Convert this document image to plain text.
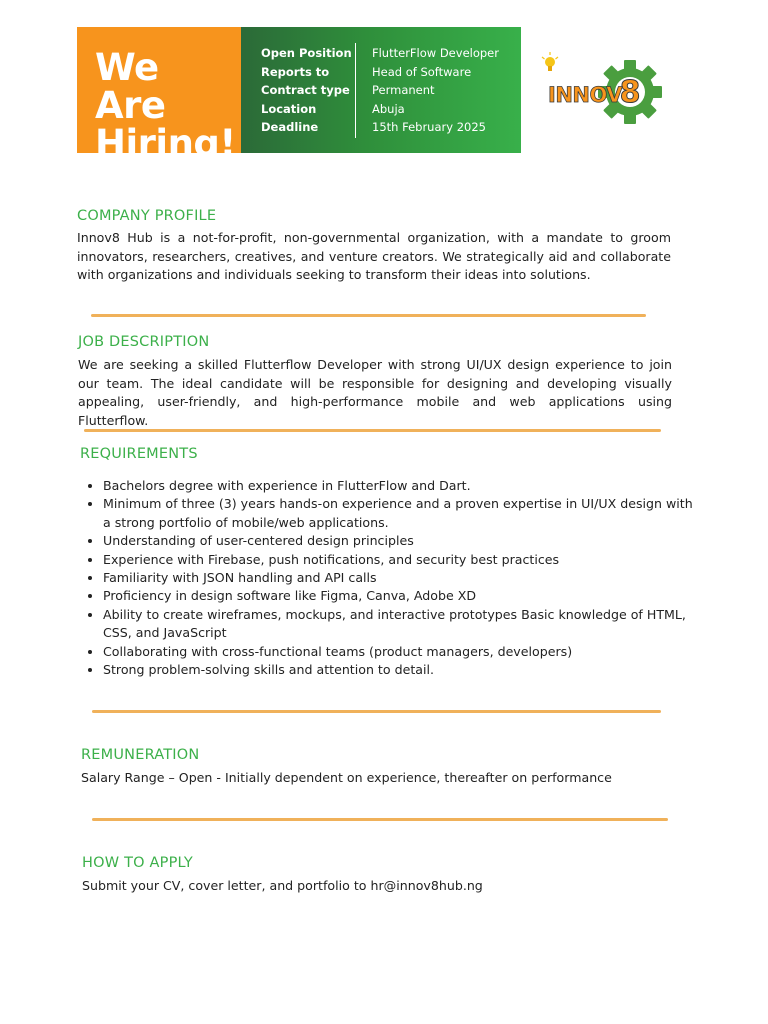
We Are
Hiring!
Open Position
Reports to
Contract type
Location
Deadline
FlutterFlow Developer
Head of Software
Permanent
Abuja
15th February 2025
8
INNOV
COMPANY PROFILE

Innov8 Hub is a not-for-profit, non-governmental organization, with a mandate to groom innovators, researchers, creatives, and venture creators. We strategically aid and collaborate with organizations and individuals seeking to transform their ideas into solutions.

JOB DESCRIPTION

We are seeking a skilled Flutterflow Developer with strong UI/UX design experience to join our team. The ideal candidate will be responsible for designing and developing visually appealing, user-friendly, and high-performance mobile and web applications using Flutterflow.

REQUIREMENTS
• Bachelors degree with experience in FlutterFlow and Dart.
• Minimum of three (3) years hands-on experience and a proven expertise in UI/UX design with a strong portfolio of mobile/web applications.
• Understanding of user-centered design principles
• Experience with Firebase, push notifications, and security best practices
• Familiarity with JSON handling and API calls
• Proficiency in design software like Figma, Canva, Adobe XD
• Ability to create wireframes, mockups, and interactive prototypes Basic knowledge of HTML, CSS, and JavaScript
• Collaborating with cross-functional teams (product managers, developers)
• Strong problem-solving skills and attention to detail.
REMUNERATION
Salary Range – Open - Initially dependent on experience, thereafter on performance
HOW TO APPLY
Submit your CV, cover letter, and portfolio to hr@innov8hub.ng
